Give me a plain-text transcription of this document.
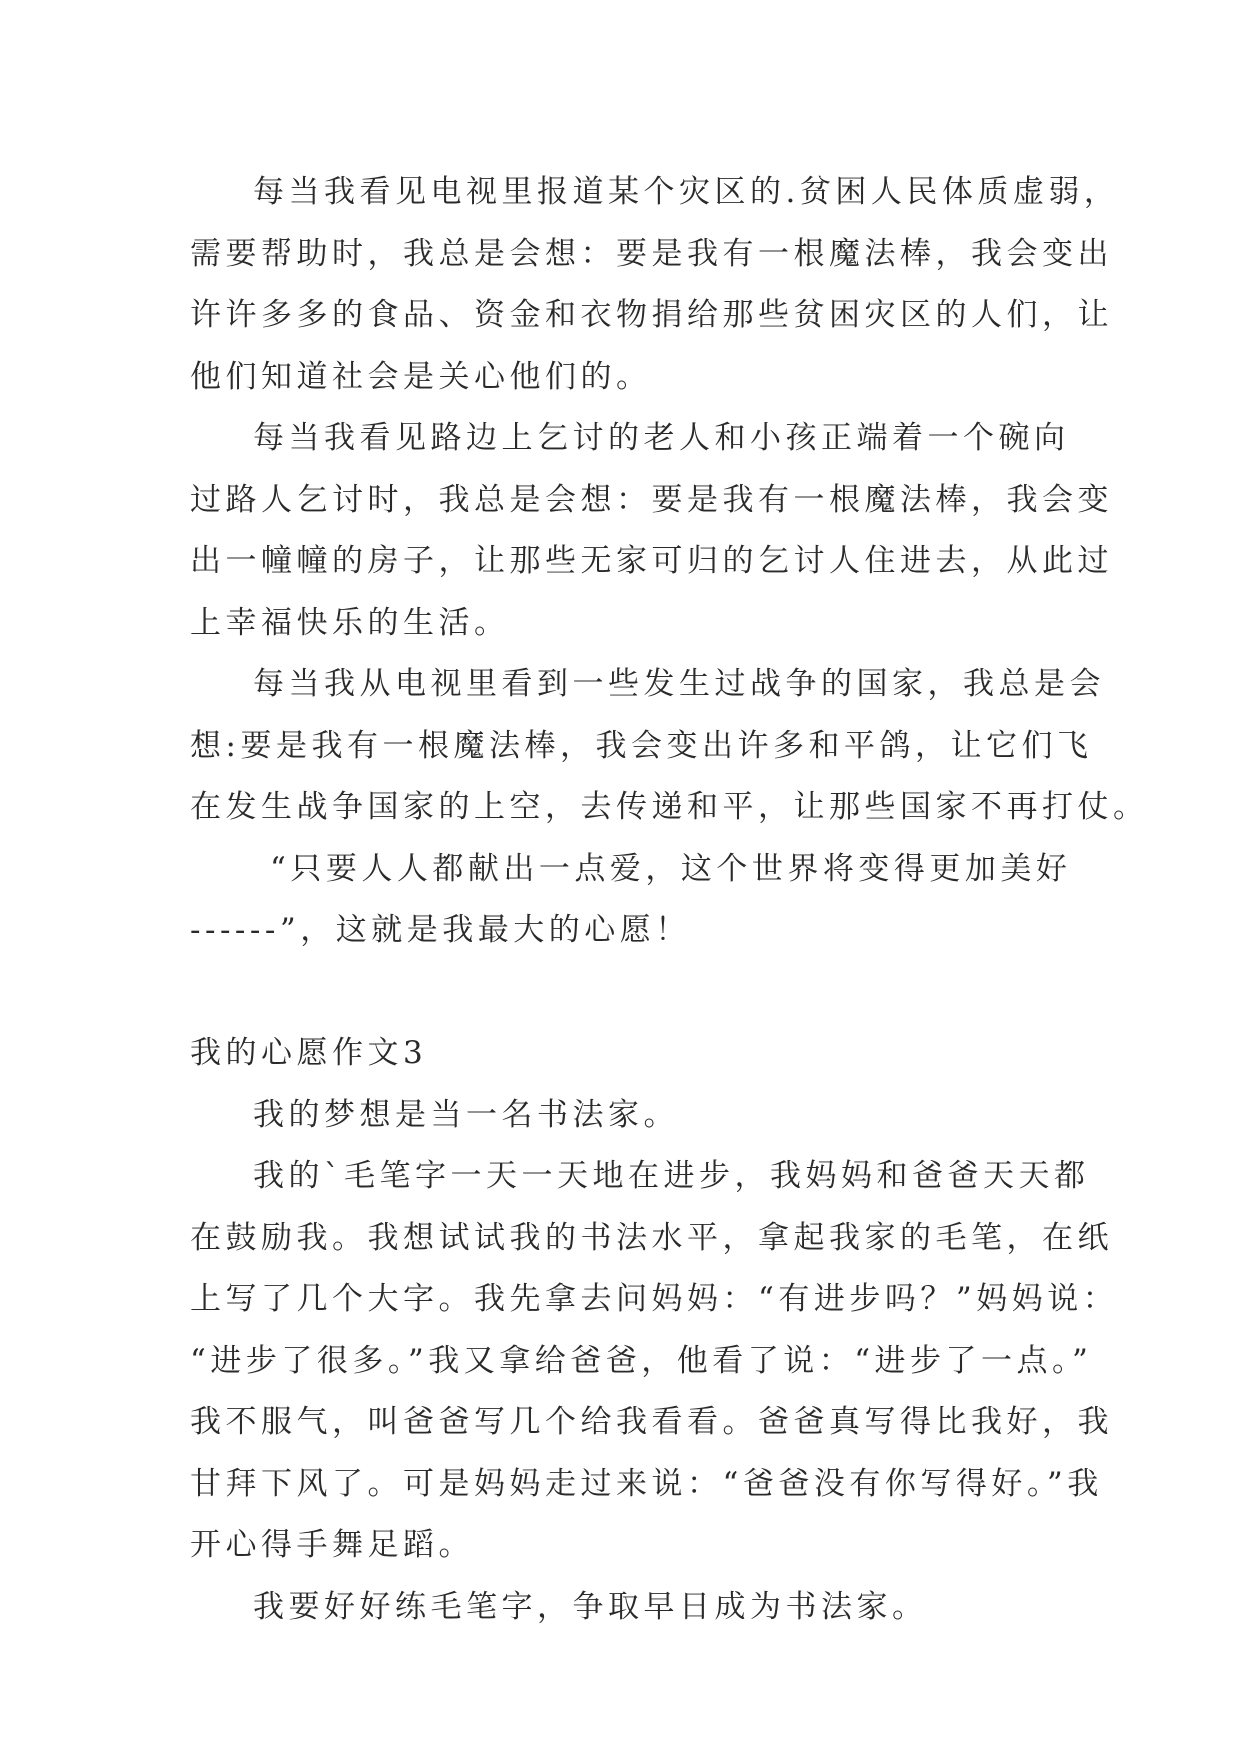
每当我看见电视里报道某个灾区的.贫困人民体质虚弱，
需要帮助时，我总是会想：要是我有一根魔法棒，我会变出
许许多多的食品、资金和衣物捐给那些贫困灾区的人们，让
他们知道社会是关心他们的。
每当我看见路边上乞讨的老人和小孩正端着一个碗向
过路人乞讨时，我总是会想：要是我有一根魔法棒，我会变
出一幢幢的房子，让那些无家可归的乞讨人住进去，从此过
上幸福快乐的生活。
每当我从电视里看到一些发生过战争的国家，我总是会
想:要是我有一根魔法棒，我会变出许多和平鸽，让它们飞
在发生战争国家的上空，去传递和平，让那些国家不再打仗。
“只要人人都献出一点爱，这个世界将变得更加美好
------”，这就是我最大的心愿！
我的心愿作文3
我的梦想是当一名书法家。
我的`毛笔字一天一天地在进步，我妈妈和爸爸天天都
在鼓励我。我想试试我的书法水平，拿起我家的毛笔，在纸
上写了几个大字。我先拿去问妈妈：“有进步吗？”妈妈说：
“进步了很多。”我又拿给爸爸，他看了说：“进步了一点。”
我不服气，叫爸爸写几个给我看看。爸爸真写得比我好，我
甘拜下风了。可是妈妈走过来说：“爸爸没有你写得好。”我
开心得手舞足蹈。
我要好好练毛笔字，争取早日成为书法家。
